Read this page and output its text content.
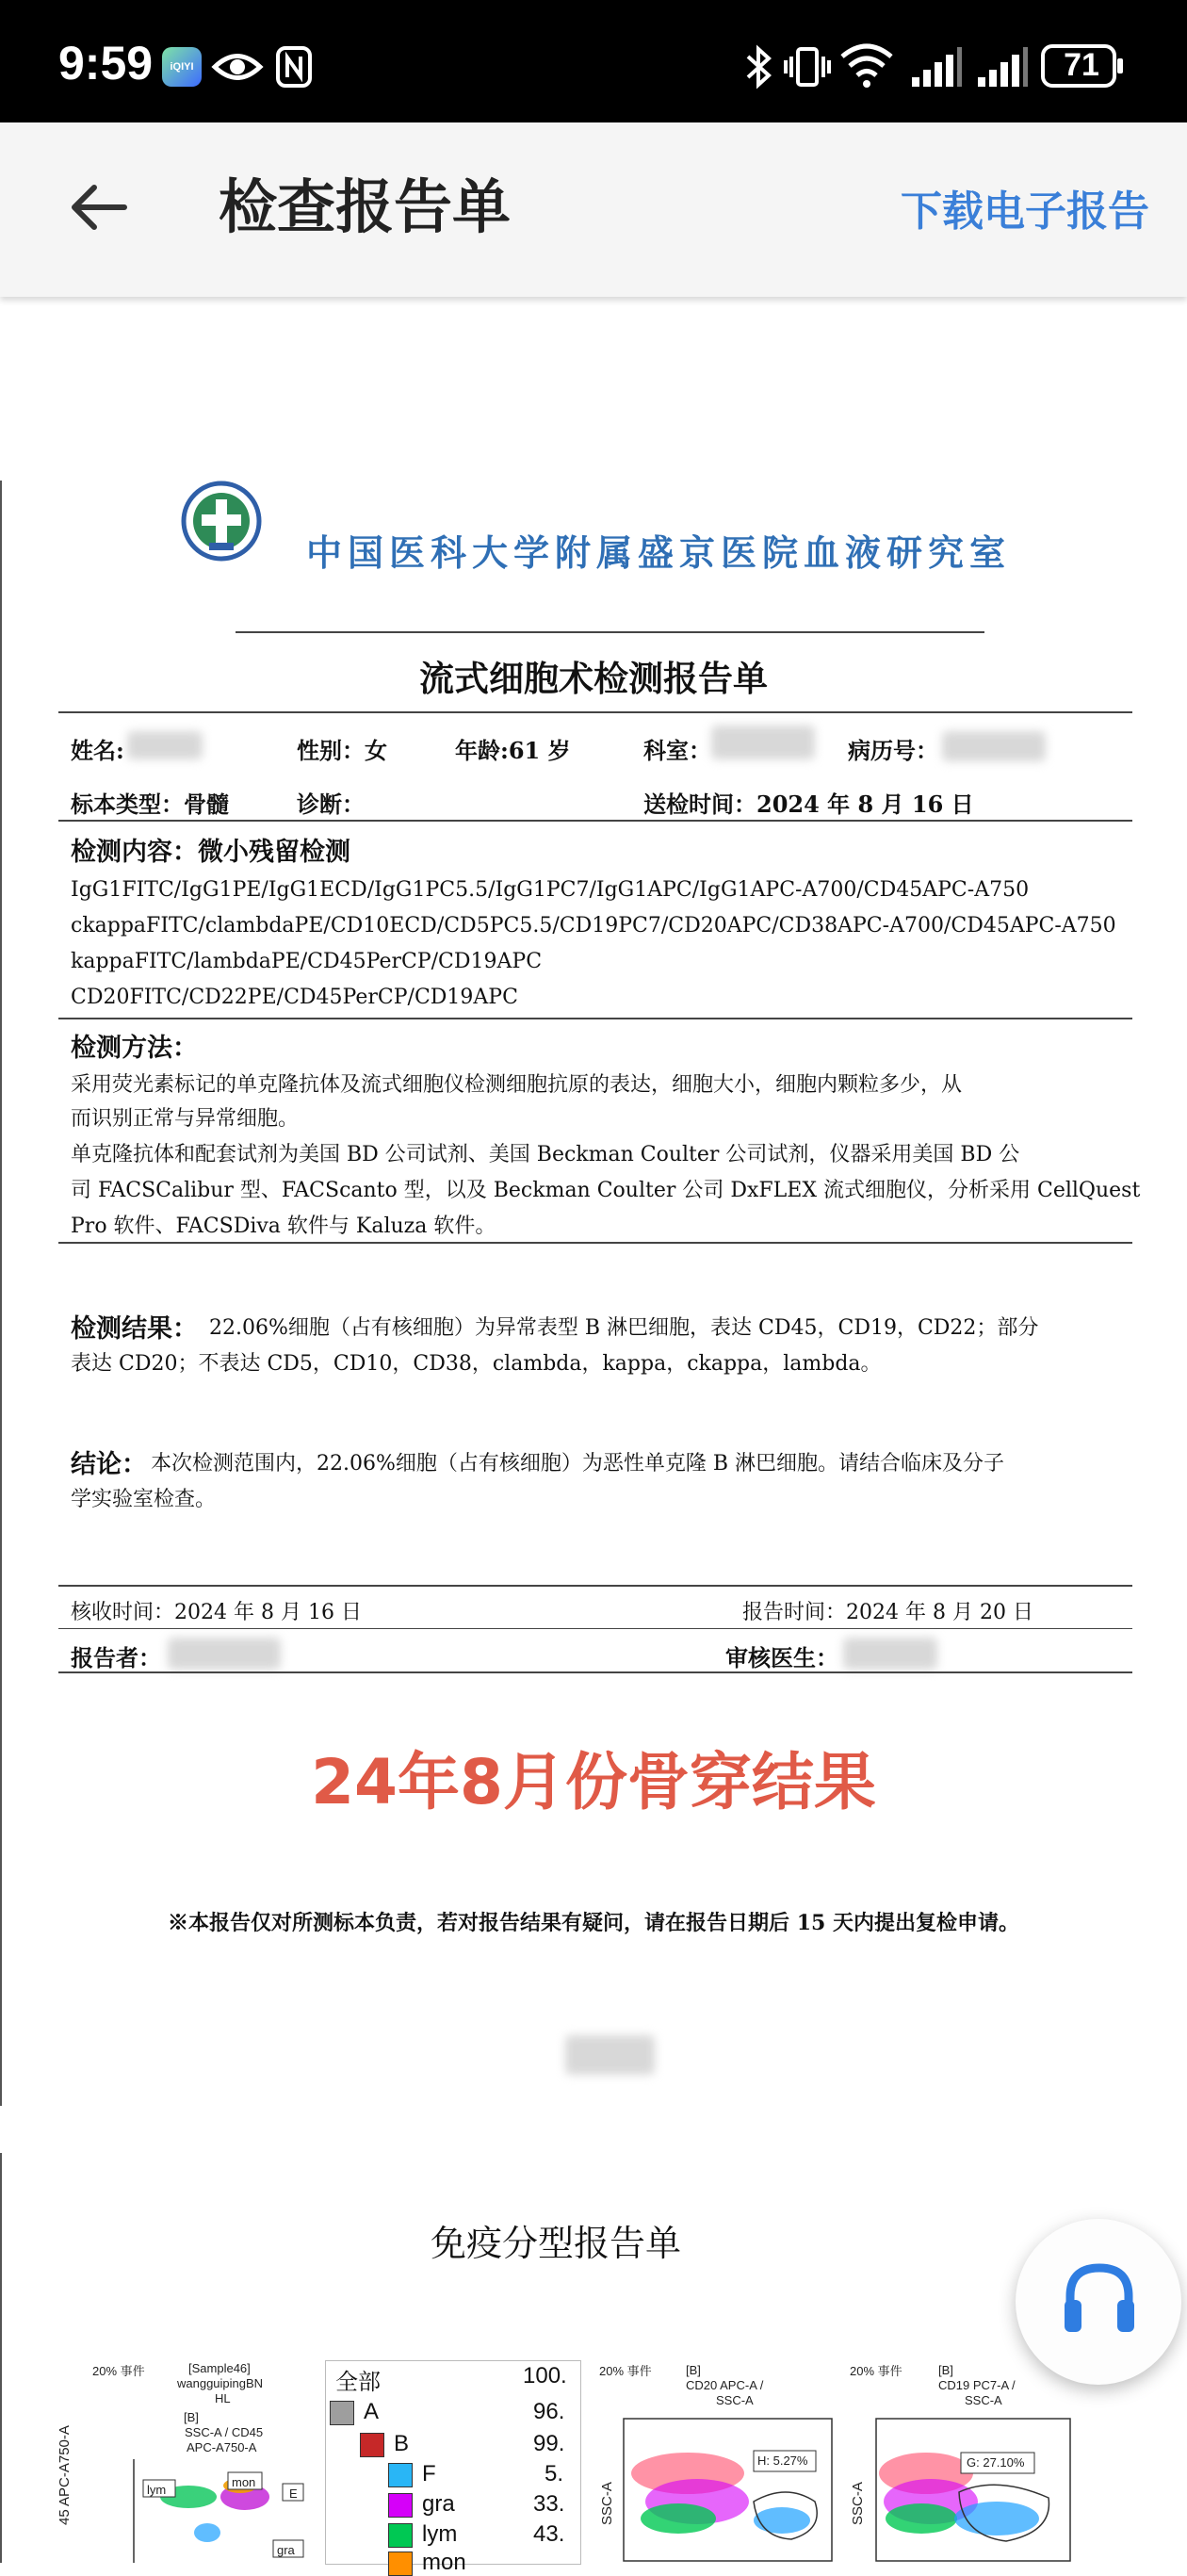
9:59	iQIYI	71
检查报告单	下载电子报告
中国医科大学附属盛京医院血液研究室
流式细胞术检测报告单
姓名:	性别：女	年龄:61 岁	科室：	病历号：
标本类型：骨髓	诊断：	送检时间：2024 年 8 月 16 日
检测内容：微小残留检测
IgG1FITC/IgG1PE/IgG1ECD/IgG1PC5.5/IgG1PC7/IgG1APC/IgG1APC-A700/CD45APC-A750
ckappaFITC/clambdaPE/CD10ECD/CD5PC5.5/CD19PC7/CD20APC/CD38APC-A700/CD45APC-A750
kappaFITC/lambdaPE/CD45PerCP/CD19APC
CD20FITC/CD22PE/CD45PerCP/CD19APC
检测方法：
采用荧光素标记的单克隆抗体及流式细胞仪检测细胞抗原的表达，细胞大小，细胞内颗粒多少，从
而识别正常与异常细胞。
单克隆抗体和配套试剂为美国 BD 公司试剂、美国 Beckman Coulter 公司试剂，仪器采用美国 BD 公
司 FACSCalibur 型、FACScanto 型，以及 Beckman Coulter 公司 DxFLEX 流式细胞仪，分析采用 CellQuest
Pro 软件、FACSDiva 软件与 Kaluza 软件。
检测结果： 22.06%细胞（占有核细胞）为异常表型 B 淋巴细胞，表达 CD45，CD19，CD22；部分
表达 CD20；不表达 CD5，CD10，CD38，clambda，kappa，ckappa，lambda。
结论： 本次检测范围内，22.06%细胞（占有核细胞）为恶性单克隆 B 淋巴细胞。请结合临床及分子
学实验室检查。
核收时间：2024 年 8 月 16 日	报告时间：2024 年 8 月 20 日
报告者：	审核医生：
24年8月份骨穿结果
※本报告仅对所测标本负责，若对报告结果有疑问，请在报告日期后 15 天内提出复检申请。
免疫分型报告单
20% 事件	[Sample46]
wangguipingBN
HL
[B]
SSC-A / CD45
APC-A750-A
45 APC-A750-A	lym
mon
E
gra
全部	100.
A	96.
B	99.
F	5.
gra	33.
lym	43.
mon
20% 事件	[B]
CD20 APC-A /
SSC-A
SSC-A
H: 5.27%
20% 事件	[B]
CD19 PC7-A /
SSC-A
SSC-A
G: 27.10%
